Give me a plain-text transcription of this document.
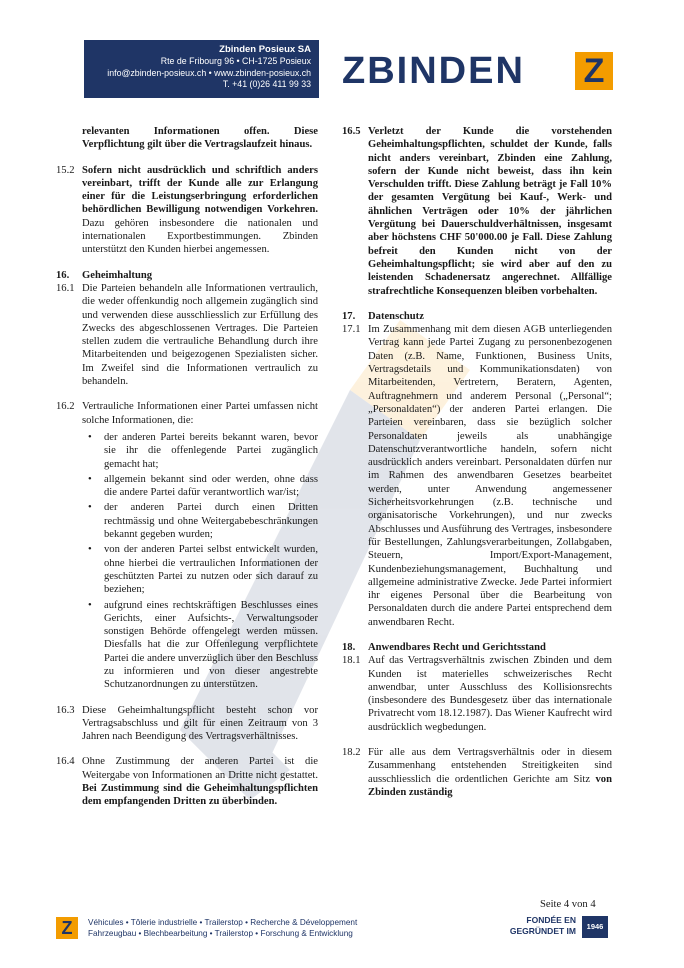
Zbinden Posieux SA
Rte de Fribourg 96 • CH-1725 Posieux
info@zbinden-posieux.ch • www.zbinden-posieux.ch
T. +41 (0)26 411 99 33 ZBINDEN Z

relevanten Informationen offen. Diese Verpflichtung gilt über die Vertragslaufzeit hinaus.

15.2 Sofern nicht ausdrücklich und schriftlich anders vereinbart, trifft der Kunde alle zur Erlangung einer für die Leistungserbringung erforderlichen behördlichen Bewilligung notwendigen Vorkehren. Dazu gehören insbesondere die nationalen und internationalen Exportbestimmungen. Zbinden unterstützt den Kunden hierbei angemessen.
16. Geheimhaltung
16.1 Die Parteien behandeln alle Informationen vertraulich, die weder offenkundig noch allgemein zugänglich sind und verwenden diese ausschliesslich zur Erfüllung des Zwecks des abgeschlossenen Vertrages. Die Parteien stellen zudem die vertrauliche Behandlung durch ihre Mitarbeitenden und beigezogenen Spezialisten sicher. Im Zweifel sind die Informationen vertraulich zu behandeln.
16.2 Vertrauliche Informationen einer Partei umfassen nicht solche Informationen, die:
• der anderen Partei bereits bekannt waren, bevor sie ihr die offenlegende Partei zugänglich gemacht hat;
• allgemein bekannt sind oder werden, ohne dass die andere Partei dafür verantwortlich war/ist;
• der anderen Partei durch einen Dritten rechtmässig und ohne Weitergabebeschränkungen bekannt gegeben wurden;
• von der anderen Partei selbst entwickelt wurden, ohne hierbei die vertraulichen Informationen der geschützten Partei zu nutzen oder sich darauf zu beziehen;
• aufgrund eines rechtskräftigen Beschlusses eines Gerichts, einer Aufsichts-, Verwaltungsoder sonstigen Behörde offengelegt werden müssen. Diesfalls hat die zur Offenlegung verpflichtete Partei die andere unverzüglich über den Beschluss zu informieren und von dieser angestrebte Schutzanordnungen zu unterstützen.
16.3 Diese Geheimhaltungspflicht besteht schon vor Vertragsabschluss und gilt für einen Zeitraum von 3 Jahren nach Beendigung des Vertragsverhältnisses.
16.4 Ohne Zustimmung der anderen Partei ist die Weitergabe von Informationen an Dritte nicht gestattet. Bei Zustimmung sind die Geheimhaltungspflichten dem empfangenden Dritten zu überbinden.
16.5 Verletzt der Kunde die vorstehenden Geheimhaltungspflichten, schuldet der Kunde, falls nicht anders vereinbart, Zbinden eine Zahlung, sofern der Kunde nicht beweist, dass ihn kein Verschulden trifft. Diese Zahlung beträgt je Fall 10% der gesamten Vergütung bei Kauf-, Werk- und ähnlichen Verträgen oder 10% der jährlichen Vergütung bei Dauerschuldverhältnissen, insgesamt aber höchstens CHF 50'000.00 je Fall. Diese Zahlung befreit den Kunden nicht von der Geheimhaltungspflicht; sie wird aber auf den zu leistenden Schadenersatz angerechnet. Allfällige strafrechtliche Konsequenzen bleiben vorbehalten.
17. Datenschutz
17.1 Im Zusammenhang mit dem diesen AGB unterliegenden Vertrag kann jede Partei Zugang zu personenbezogenen Daten (z.B. Name, Funktionen, Business Units, Vertragsdetails und Kommunikationsdaten) von Mitarbeitenden, Vertretern, Beratern, Agenten, Auftragnehmern und anderem Personal („Personal“; „Personaldaten“) der anderen Partei erlangen. Die Parteien vereinbaren, dass sie bezüglich solcher Personaldaten jeweils als unabhängige Datenschutzverantwortliche handeln, sofern nicht ausdrücklich anders vereinbart. Personaldaten dürfen nur im Rahmen des anwendbaren Gesetzes bearbeitet werden, unter Anwendung angemessener Sicherheitsvorkehrungen (z.B. technische und organisatorische Vorkehrungen), und nur zwecks Abschlusses und Ausführung des Vertrages, insbesondere für Bestellungen, Zahlungsverarbeitungen, Zollabgaben, Steuern, Import/Export-Management, Kundenbeziehungsmanagement, Buchhaltung und allgemeine administrative Zwecke. Jede Partei informiert ihr eigenes Personal über die Bearbeitung von Personaldaten durch die andere Partei entsprechend dem anwendbaren Recht.
18. Anwendbares Recht und Gerichtsstand
18.1 Auf das Vertragsverhältnis zwischen Zbinden und dem Kunden ist materielles schweizerisches Recht anwendbar, unter Ausschluss des Kollisionsrechts (insbesondere des Bundesgesetz über das internationale Privatrecht vom 18.12.1987). Das Wiener Kaufrecht wird ausdrücklich wegbedungen.
18.2 Für alle aus dem Vertragsverhältnis oder in diesem Zusammenhang entstehenden Streitigkeiten sind ausschliesslich die ordentlichen Gerichte am Sitz von Zbinden zuständig
Seite 4 von 4
Z	Véhicules • Tôlerie industrielle • Trailerstop • Recherche & Développement
Fahrzeugbau • Blechbearbeitung • Trailerstop • Forschung & Entwicklung
FONDÉE EN
GEGRÜNDET IM	1946
